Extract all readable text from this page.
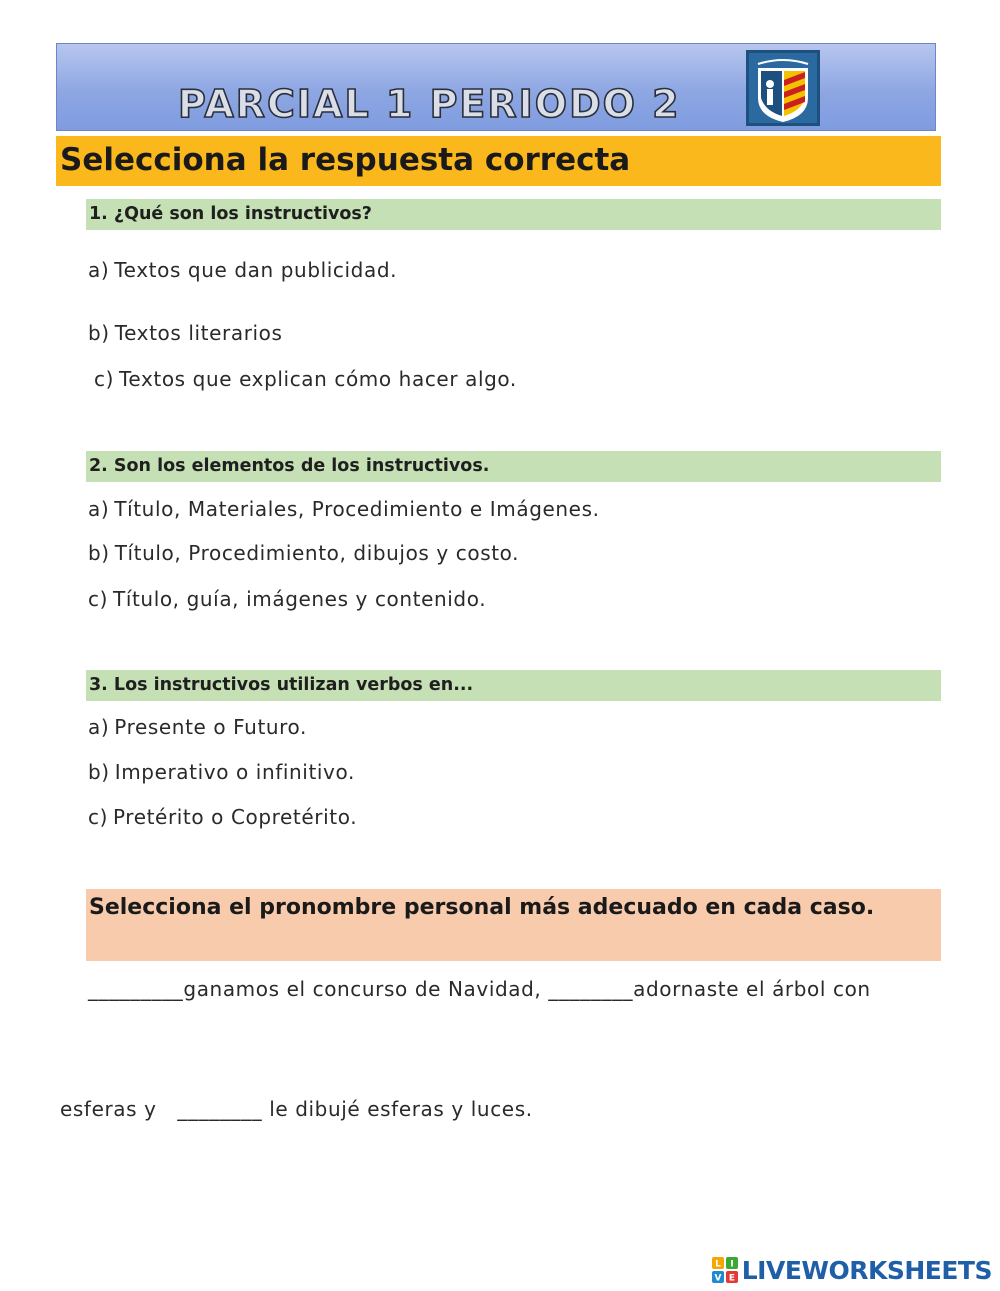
PARCIAL 1 PERIODO 2
Selecciona la respuesta correcta
1. ¿Qué son los instructivos?
a) Textos que dan publicidad.
b) Textos literarios
c) Textos que explican cómo hacer algo.
2. Son los elementos de los instructivos.
a) Título, Materiales, Procedimiento e Imágenes.
b) Título, Procedimiento, dibujos y costo.
c) Título, guía, imágenes y contenido.
3. Los instructivos utilizan verbos en...
a) Presente o Futuro.
b) Imperativo o infinitivo.
c) Pretérito o Copretérito.
Selecciona el pronombre personal más adecuado en cada caso.
_________ganamos el concurso de Navidad, ________adornaste el árbol con
esferas y   ________ le dibujé esferas y luces.
L I
V E LIVEWORKSHEETS
